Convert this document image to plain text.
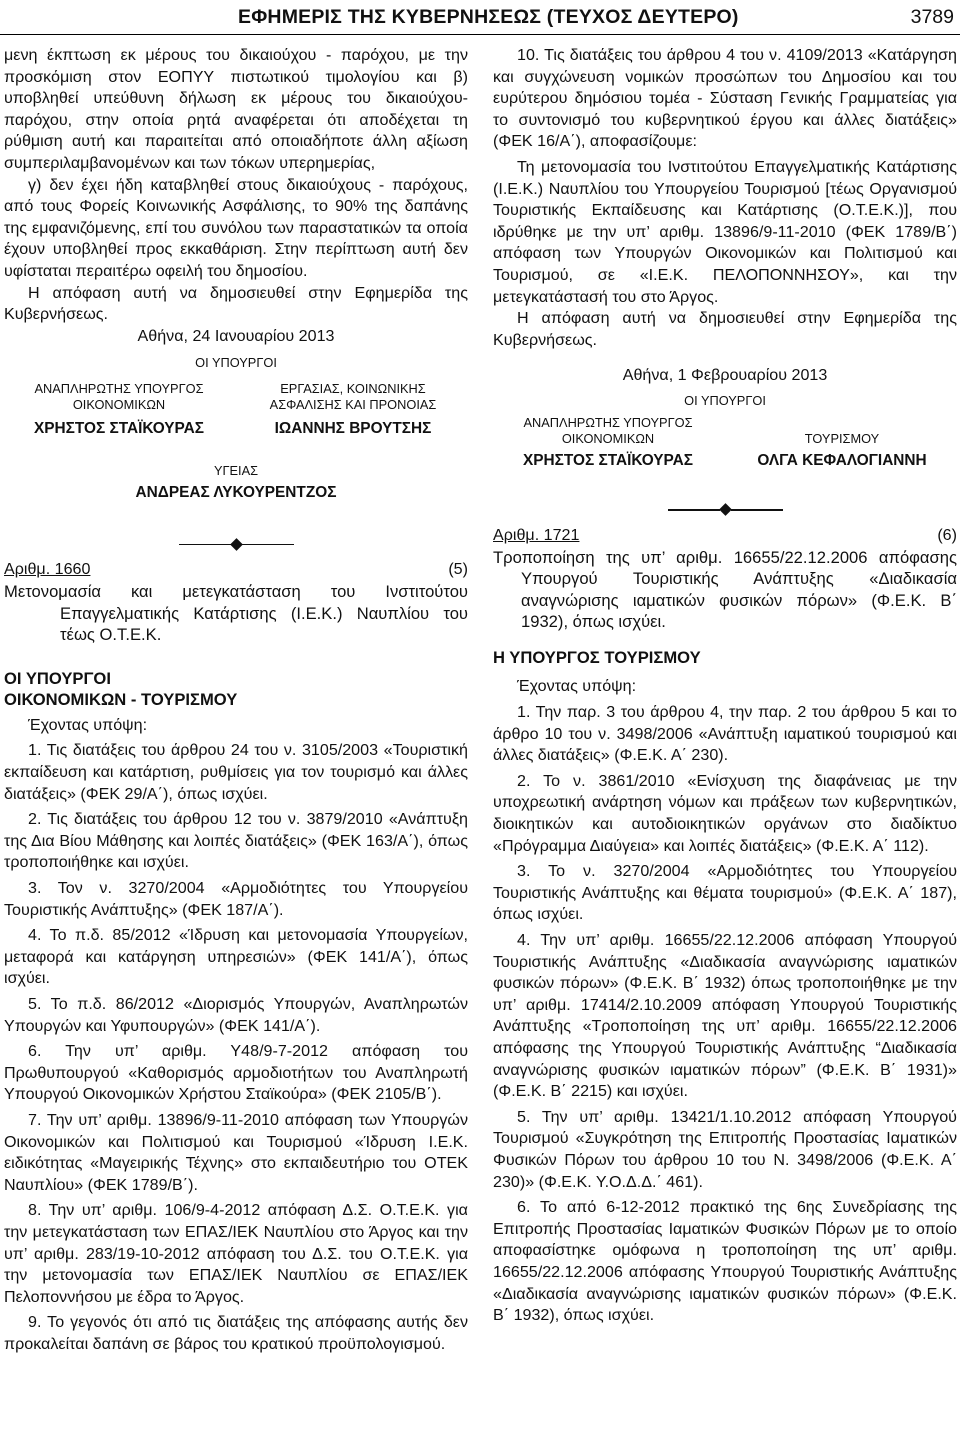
ΕΦΗΜΕΡΙΣ ΤΗΣ ΚΥΒΕΡΝΗΣΕΩΣ (ΤΕΥΧΟΣ ΔΕΥΤΕΡΟ)	3789

μενη έκπτωση εκ μέρους του δικαιούχου - παρόχου, με την προσκόμιση στον ΕΟΠΥΥ πιστωτικού τιμολογίου και β) υποβληθεί υπεύθυνη δήλωση εκ μέρους του δικαιούχου-παρόχου, στην οποία ρητά αναφέρεται ότι αποδέχεται τη ρύθμιση αυτή και παραιτείται από οποιαδήποτε άλλη αξίωση συμπεριλαμβανομένων και των τόκων υπερημερίας,

γ) δεν έχει ήδη καταβληθεί στους δικαιούχους - παρόχους, από τους Φορείς Κοινωνικής Ασφάλισης, το 90% της δαπάνης της εμφανιζόμενης, επί του συνόλου των παραστατικών τα οποία έχουν υποβληθεί προς εκκαθάριση. Στην περίπτωση αυτή δεν υφίσταται περαιτέρω οφειλή του δημοσίου.

Η απόφαση αυτή να δημοσιευθεί στην Εφημερίδα της Κυβερνήσεως.

Αθήνα, 24 Ιανουαρίου 2013

ΟΙ ΥΠΟΥΡΓΟΙ
ΑΝΑΠΛΗΡΩΤΗΣ ΥΠΟΥΡΓΟΣ
ΟΙΚΟΝΟΜΙΚΩΝ
ΧΡΗΣΤΟΣ ΣΤΑΪΚΟΥΡΑΣ
ΕΡΓΑΣΙΑΣ, ΚΟΙΝΩΝΙΚΗΣ
ΑΣΦΑΛΙΣΗΣ ΚΑΙ ΠΡΟΝΟΙΑΣ
ΙΩΑΝΝΗΣ ΒΡΟΥΤΣΗΣ
ΥΓΕΙΑΣ
ΑΝΔΡΕΑΣ ΛΥΚΟΥΡΕΝΤΖΟΣ
Αριθμ. 1660	(5)

Μετονομασία και μετεγκατάσταση του Ινστιτούτου Επαγγελματικής Κατάρτισης (Ι.Ε.Κ.) Ναυπλίου του τέως Ο.Τ.Ε.Κ.

ΟΙ ΥΠΟΥΡΓΟΙ

ΟΙΚΟΝΟΜΙΚΩΝ - ΤΟΥΡΙΣΜΟΥ

Έχοντας υπόψη:

1. Τις διατάξεις του άρθρου 24 του ν. 3105/2003 «Τουριστική εκπαίδευση και κατάρτιση, ρυθμίσεις για τον τουρισμό και άλλες διατάξεις» (ΦΕΚ 29/Α΄), όπως ισχύει.

2. Τις διατάξεις του άρθρου 12 του ν. 3879/2010 «Ανάπτυξη της Δια Βίου Μάθησης και λοιπές διατάξεις» (ΦΕΚ 163/Α΄), όπως τροποποιήθηκε και ισχύει.

3. Τον ν. 3270/2004 «Αρμοδιότητες του Υπουργείου Τουριστικής Ανάπτυξης» (ΦΕΚ 187/Α΄).

4. Το π.δ. 85/2012 «Ίδρυση και μετονομασία Υπουργείων, μεταφορά και κατάργηση υπηρεσιών» (ΦΕΚ 141/Α΄), όπως ισχύει.

5. Το π.δ. 86/2012 «Διορισμός Υπουργών, Αναπληρωτών Υπουργών και Υφυπουργών» (ΦΕΚ 141/Α΄).

6. Την υπ’ αριθμ. Υ48/9-7-2012 απόφαση του Πρωθυπουργού «Καθορισμός αρμοδιοτήτων του Αναπληρωτή Υπουργού Οικονομικών Χρήστου Σταϊκούρα» (ΦΕΚ 2105/Β΄).

7. Την υπ’ αριθμ. 13896/9-11-2010 απόφαση των Υπουργών Οικονομικών και Πολιτισμού και Τουρισμού «Ίδρυση Ι.Ε.Κ. ειδικότητας «Μαγειρικής Τέχνης» στο εκπαιδευτήριο του ΟΤΕΚ Ναυπλίου» (ΦΕΚ 1789/Β΄).

8. Την υπ’ αριθμ. 106/9-4-2012 απόφαση Δ.Σ. Ο.Τ.Ε.Κ. για την μετεγκατάσταση των ΕΠΑΣ/ΙΕΚ Ναυπλίου στο Άργος και την υπ’ αριθμ. 283/19-10-2012 απόφαση του Δ.Σ. του Ο.Τ.Ε.Κ. για την μετονομασία των ΕΠΑΣ/ΙΕΚ Ναυπλίου σε ΕΠΑΣ/ΙΕΚ Πελοποννήσου με έδρα το Άργος.

9. Το γεγονός ότι από τις διατάξεις της απόφασης αυτής δεν προκαλείται δαπάνη σε βάρος του κρατικού προϋπολογισμού.

10. Τις διατάξεις του άρθρου 4 του ν. 4109/2013 «Κατάργηση και συγχώνευση νομικών προσώπων του Δημοσίου και του ευρύτερου δημόσιου τομέα - Σύσταση Γενικής Γραμματείας για το συντονισμό του κυβερνητικού έργου και άλλες διατάξεις» (ΦΕΚ 16/Α΄), αποφασίζουμε:

Τη μετονομασία του Ινστιτούτου Επαγγελματικής Κατάρτισης (Ι.Ε.Κ.) Ναυπλίου του Υπουργείου Τουρισμού [τέως Οργανισμού Τουριστικής Εκπαίδευσης και Κατάρτισης (Ο.Τ.Ε.Κ.)], που ιδρύθηκε με την υπ’ αριθμ. 13896/9-11-2010 (ΦΕΚ 1789/Β΄) απόφαση των Υπουργών Οικονομικών και Πολιτισμού και Τουρισμού, σε «Ι.Ε.Κ. ΠΕΛΟΠΟΝΝΗΣΟΥ», και την μετεγκατάστασή του στο Άργος.

Η απόφαση αυτή να δημοσιευθεί στην Εφημερίδα της Κυβερνήσεως.

Αθήνα, 1 Φεβρουαρίου 2013

ΟΙ ΥΠΟΥΡΓΟΙ
ΑΝΑΠΛΗΡΩΤΗΣ ΥΠΟΥΡΓΟΣ
ΟΙΚΟΝΟΜΙΚΩΝ
ΧΡΗΣΤΟΣ ΣΤΑΪΚΟΥΡΑΣ
ΤΟΥΡΙΣΜΟΥ
ΟΛΓΑ ΚΕΦΑΛΟΓΙΑΝΝΗ
Αριθμ. 1721	(6)

Τροποποίηση της υπ’ αριθμ. 16655/22.12.2006 απόφασης Υπουργού Τουριστικής Ανάπτυξης «Διαδικασία αναγνώρισης ιαματικών φυσικών πόρων» (Φ.Ε.Κ. Β΄ 1932), όπως ισχύει.

Η ΥΠΟΥΡΓΟΣ ΤΟΥΡΙΣΜΟΥ

Έχοντας υπόψη:

1. Την παρ. 3 του άρθρου 4, την παρ. 2 του άρθρου 5 και το άρθρο 10 του ν. 3498/2006 «Ανάπτυξη ιαματικού τουρισμού και άλλες διατάξεις» (Φ.Ε.Κ. Α΄ 230).

2. Το ν. 3861/2010 «Ενίσχυση της διαφάνειας με την υποχρεωτική ανάρτηση νόμων και πράξεων των κυβερνητικών, διοικητικών και αυτοδιοικητικών οργάνων στο διαδίκτυο «Πρόγραμμα Διαύγεια» και λοιπές διατάξεις» (Φ.Ε.Κ. Α΄ 112).

3. Το ν. 3270/2004 «Αρμοδιότητες του Υπουργείου Τουριστικής Ανάπτυξης και θέματα τουρισμού» (Φ.Ε.Κ. Α΄ 187), όπως ισχύει.

4. Την υπ’ αριθμ. 16655/22.12.2006 απόφαση Υπουργού Τουριστικής Ανάπτυξης «Διαδικασία αναγνώρισης ιαματικών φυσικών πόρων» (Φ.Ε.Κ. Β΄ 1932) όπως τροποποιήθηκε με την υπ’ αριθμ. 17414/2.10.2009 απόφαση Υπουργού Τουριστικής Ανάπτυξης «Τροποποίηση της υπ’ αριθμ. 16655/22.12.2006 απόφασης της Υπουργού Τουριστικής Ανάπτυξης “Διαδικασία αναγνώρισης φυσικών ιαματικών πόρων” (Φ.Ε.Κ. Β΄ 1931)» (Φ.Ε.Κ. Β΄ 2215) και ισχύει.

5. Την υπ’ αριθμ. 13421/1.10.2012 απόφαση Υπουργού Τουρισμού «Συγκρότηση της Επιτροπής Προστασίας Ιαματικών Φυσικών Πόρων του άρθρου 10 του Ν. 3498/2006 (Φ.Ε.Κ. Α΄ 230)» (Φ.Ε.Κ. Υ.Ο.Δ.Δ.΄ 461).

6. Το από 6-12-2012 πρακτικό της 6ης Συνεδρίασης της Επιτροπής Προστασίας Ιαματικών Φυσικών Πόρων με το οποίο αποφασίστηκε ομόφωνα η τροποποίηση της υπ’ αριθμ. 16655/22.12.2006 απόφασης Υπουργού Τουριστικής Ανάπτυξης «Διαδικασία αναγνώρισης ιαματικών φυσικών πόρων» (Φ.Ε.Κ. Β΄ 1932), όπως ισχύει.
